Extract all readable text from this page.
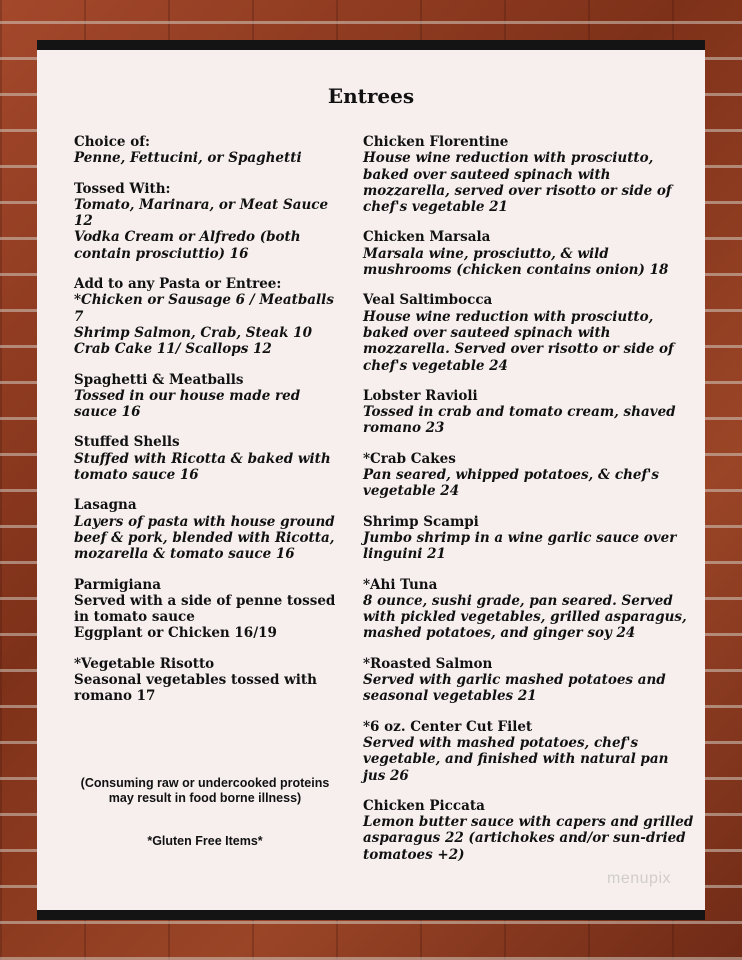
Entrees
Choice of:
Penne, Fettucini, or Spaghetti
Tossed With:
Tomato, Marinara, or Meat Sauce 12
Vodka Cream or Alfredo (both contain prosciuttio) 16
Add to any Pasta or Entree:
*Chicken or Sausage 6 / Meatballs 7
Shrimp Salmon, Crab, Steak 10
Crab Cake 11/ Scallops 12
Spaghetti & Meatballs
Tossed in our house made red sauce 16
Stuffed Shells
Stuffed with Ricotta & baked with tomato sauce 16
Lasagna
Layers of pasta with house ground beef & pork, blended with Ricotta, mozarella & tomato sauce 16
Parmigiana
Served with a side of penne tossed in tomato sauce
Eggplant or Chicken 16/19
*Vegetable Risotto
Seasonal vegetables tossed with romano 17
(Consuming raw or undercooked proteins may result in food borne illness)
*Gluten Free Items*
Chicken Florentine
House wine reduction with prosciutto, baked over sauteed spinach with mozzarella, served over risotto or side of chef's vegetable 21
Chicken Marsala
Marsala wine, prosciutto, & wild mushrooms (chicken contains onion) 18
Veal Saltimbocca
House wine reduction with prosciutto, baked over sauteed spinach with mozzarella. Served over risotto or side of chef's vegetable 24
Lobster Ravioli
Tossed in crab and tomato cream, shaved romano 23
*Crab Cakes
Pan seared, whipped potatoes, & chef's vegetable 24
Shrimp Scampi
Jumbo shrimp in a wine garlic sauce over linguini 21
*Ahi Tuna
8 ounce, sushi grade, pan seared. Served with pickled vegetables, grilled asparagus, mashed potatoes, and ginger soy 24
*Roasted Salmon
Served with garlic mashed potatoes and seasonal vegetables 21
*6 oz. Center Cut Filet
Served with mashed potatoes, chef's vegetable, and finished with natural pan jus 26
Chicken Piccata
Lemon butter sauce with capers and grilled asparagus 22 (artichokes and/or sun-dried tomatoes +2)
menupix
